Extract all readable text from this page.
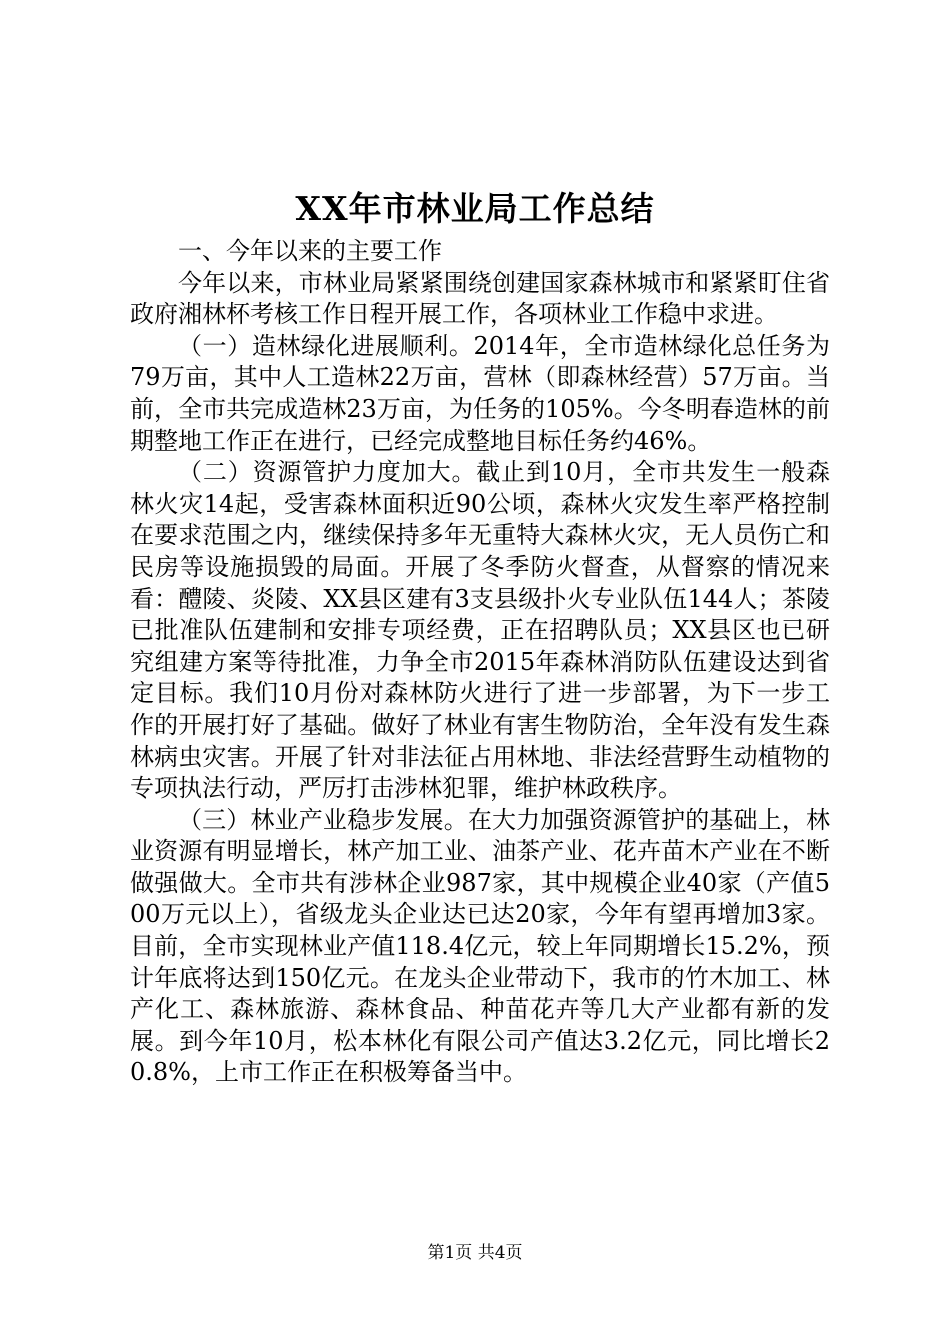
XX年市林业局工作总结

一、今年以来的主要工作

今年以来，市林业局紧紧围绕创建国家森林城市和紧紧盯住省政府湘林杯考核工作日程开展工作，各项林业工作稳中求进。

（一）造林绿化进展顺利。2014年，全市造林绿化总任务为79万亩，其中人工造林22万亩，营林（即森林经营）57万亩。当前，全市共完成造林23万亩，为任务的105%。今冬明春造林的前期整地工作正在进行，已经完成整地目标任务约46%。

（二）资源管护力度加大。截止到10月，全市共发生一般森林火灾14起，受害森林面积近90公顷，森林火灾发生率严格控制在要求范围之内，继续保持多年无重特大森林火灾，无人员伤亡和民房等设施损毁的局面。开展了冬季防火督查，从督察的情况来看：醴陵、炎陵、XX县区建有3支县级扑火专业队伍144人；茶陵已批准队伍建制和安排专项经费，正在招聘队员；XX县区也已研究组建方案等待批准，力争全市2015年森林消防队伍建设达到省定目标。我们10月份对森林防火进行了进一步部署，为下一步工作的开展打好了基础。做好了林业有害生物防治，全年没有发生森林病虫灾害。开展了针对非法征占用林地、非法经营野生动植物的专项执法行动，严厉打击涉林犯罪，维护林政秩序。

（三）林业产业稳步发展。在大力加强资源管护的基础上，林业资源有明显增长，林产加工业、油茶产业、花卉苗木产业在不断做强做大。全市共有涉林企业987家，其中规模企业40家（产值500万元以上），省级龙头企业达已达20家，今年有望再增加3家。目前，全市实现林业产值118.4亿元，较上年同期增长15.2%，预计年底将达到150亿元。在龙头企业带动下，我市的竹木加工、林产化工、森林旅游、森林食品、种苗花卉等几大产业都有新的发展。到今年10月，松本林化有限公司产值达3.2亿元，同比增长20.8%，上市工作正在积极筹备当中。

第1页 共4页
